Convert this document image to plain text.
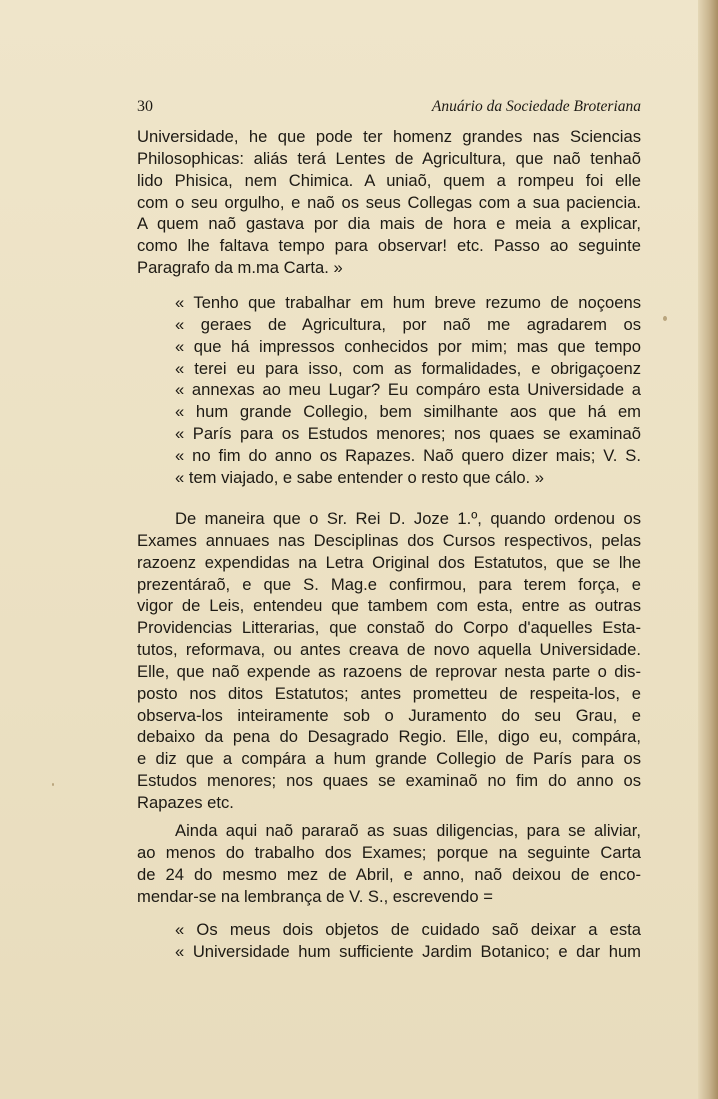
30	Anuário da Sociedade Broteriana
Universidade, he que pode ter homenz grandes nas Sciencias
Philosophicas: aliás terá Lentes de Agricultura, que naõ tenhaõ
lido Phisica, nem Chimica. A uniaõ, quem a rompeu foi elle
com o seu orgulho, e naõ os seus Collegas com a sua paciencia.
A quem naõ gastava por dia mais de hora e meia a explicar,
como lhe faltava tempo para observar! etc. Passo ao seguinte
Paragrafo da m.ma Carta. »
« Tenho que trabalhar em hum breve rezumo de noçoens
« geraes de Agricultura, por naõ me agradarem os
« que há impressos conhecidos por mim; mas que tempo
« terei eu para isso, com as formalidades, e obrigaçoenz
« annexas ao meu Lugar? Eu compáro esta Universidade a
« hum grande Collegio, bem similhante aos que há em
« París para os Estudos menores; nos quaes se examinaõ
« no fim do anno os Rapazes. Naõ quero dizer mais; V. S.
« tem viajado, e sabe entender o resto que cálo. »
De maneira que o Sr. Rei D. Joze 1.º, quando ordenou os
Exames annuaes nas Desciplinas dos Cursos respectivos, pelas
razoenz expendidas na Letra Original dos Estatutos, que se lhe
prezentáraõ, e que S. Mag.e confirmou, para terem força, e
vigor de Leis, entendeu que tambem com esta, entre as outras
Providencias Litterarias, que constaõ do Corpo d'aquelles Esta-
tutos, reformava, ou antes creava de novo aquella Universidade.
Elle, que naõ expende as razoens de reprovar nesta parte o dis-
posto nos ditos Estatutos; antes prometteu de respeita-los, e
observa-los inteiramente sob o Juramento do seu Grau, e
debaixo da pena do Desagrado Regio. Elle, digo eu, compára,
e diz que a compára a hum grande Collegio de París para os
Estudos menores; nos quaes se examinaõ no fim do anno os
Rapazes etc.
Ainda aqui naõ pararaõ as suas diligencias, para se aliviar,
ao menos do trabalho dos Exames; porque na seguinte Carta
de 24 do mesmo mez de Abril, e anno, naõ deixou de enco-
mendar-se na lembrança de V. S., escrevendo =
« Os meus dois objetos de cuidado saõ deixar a esta
« Universidade hum sufficiente Jardim Botanico; e dar hum
